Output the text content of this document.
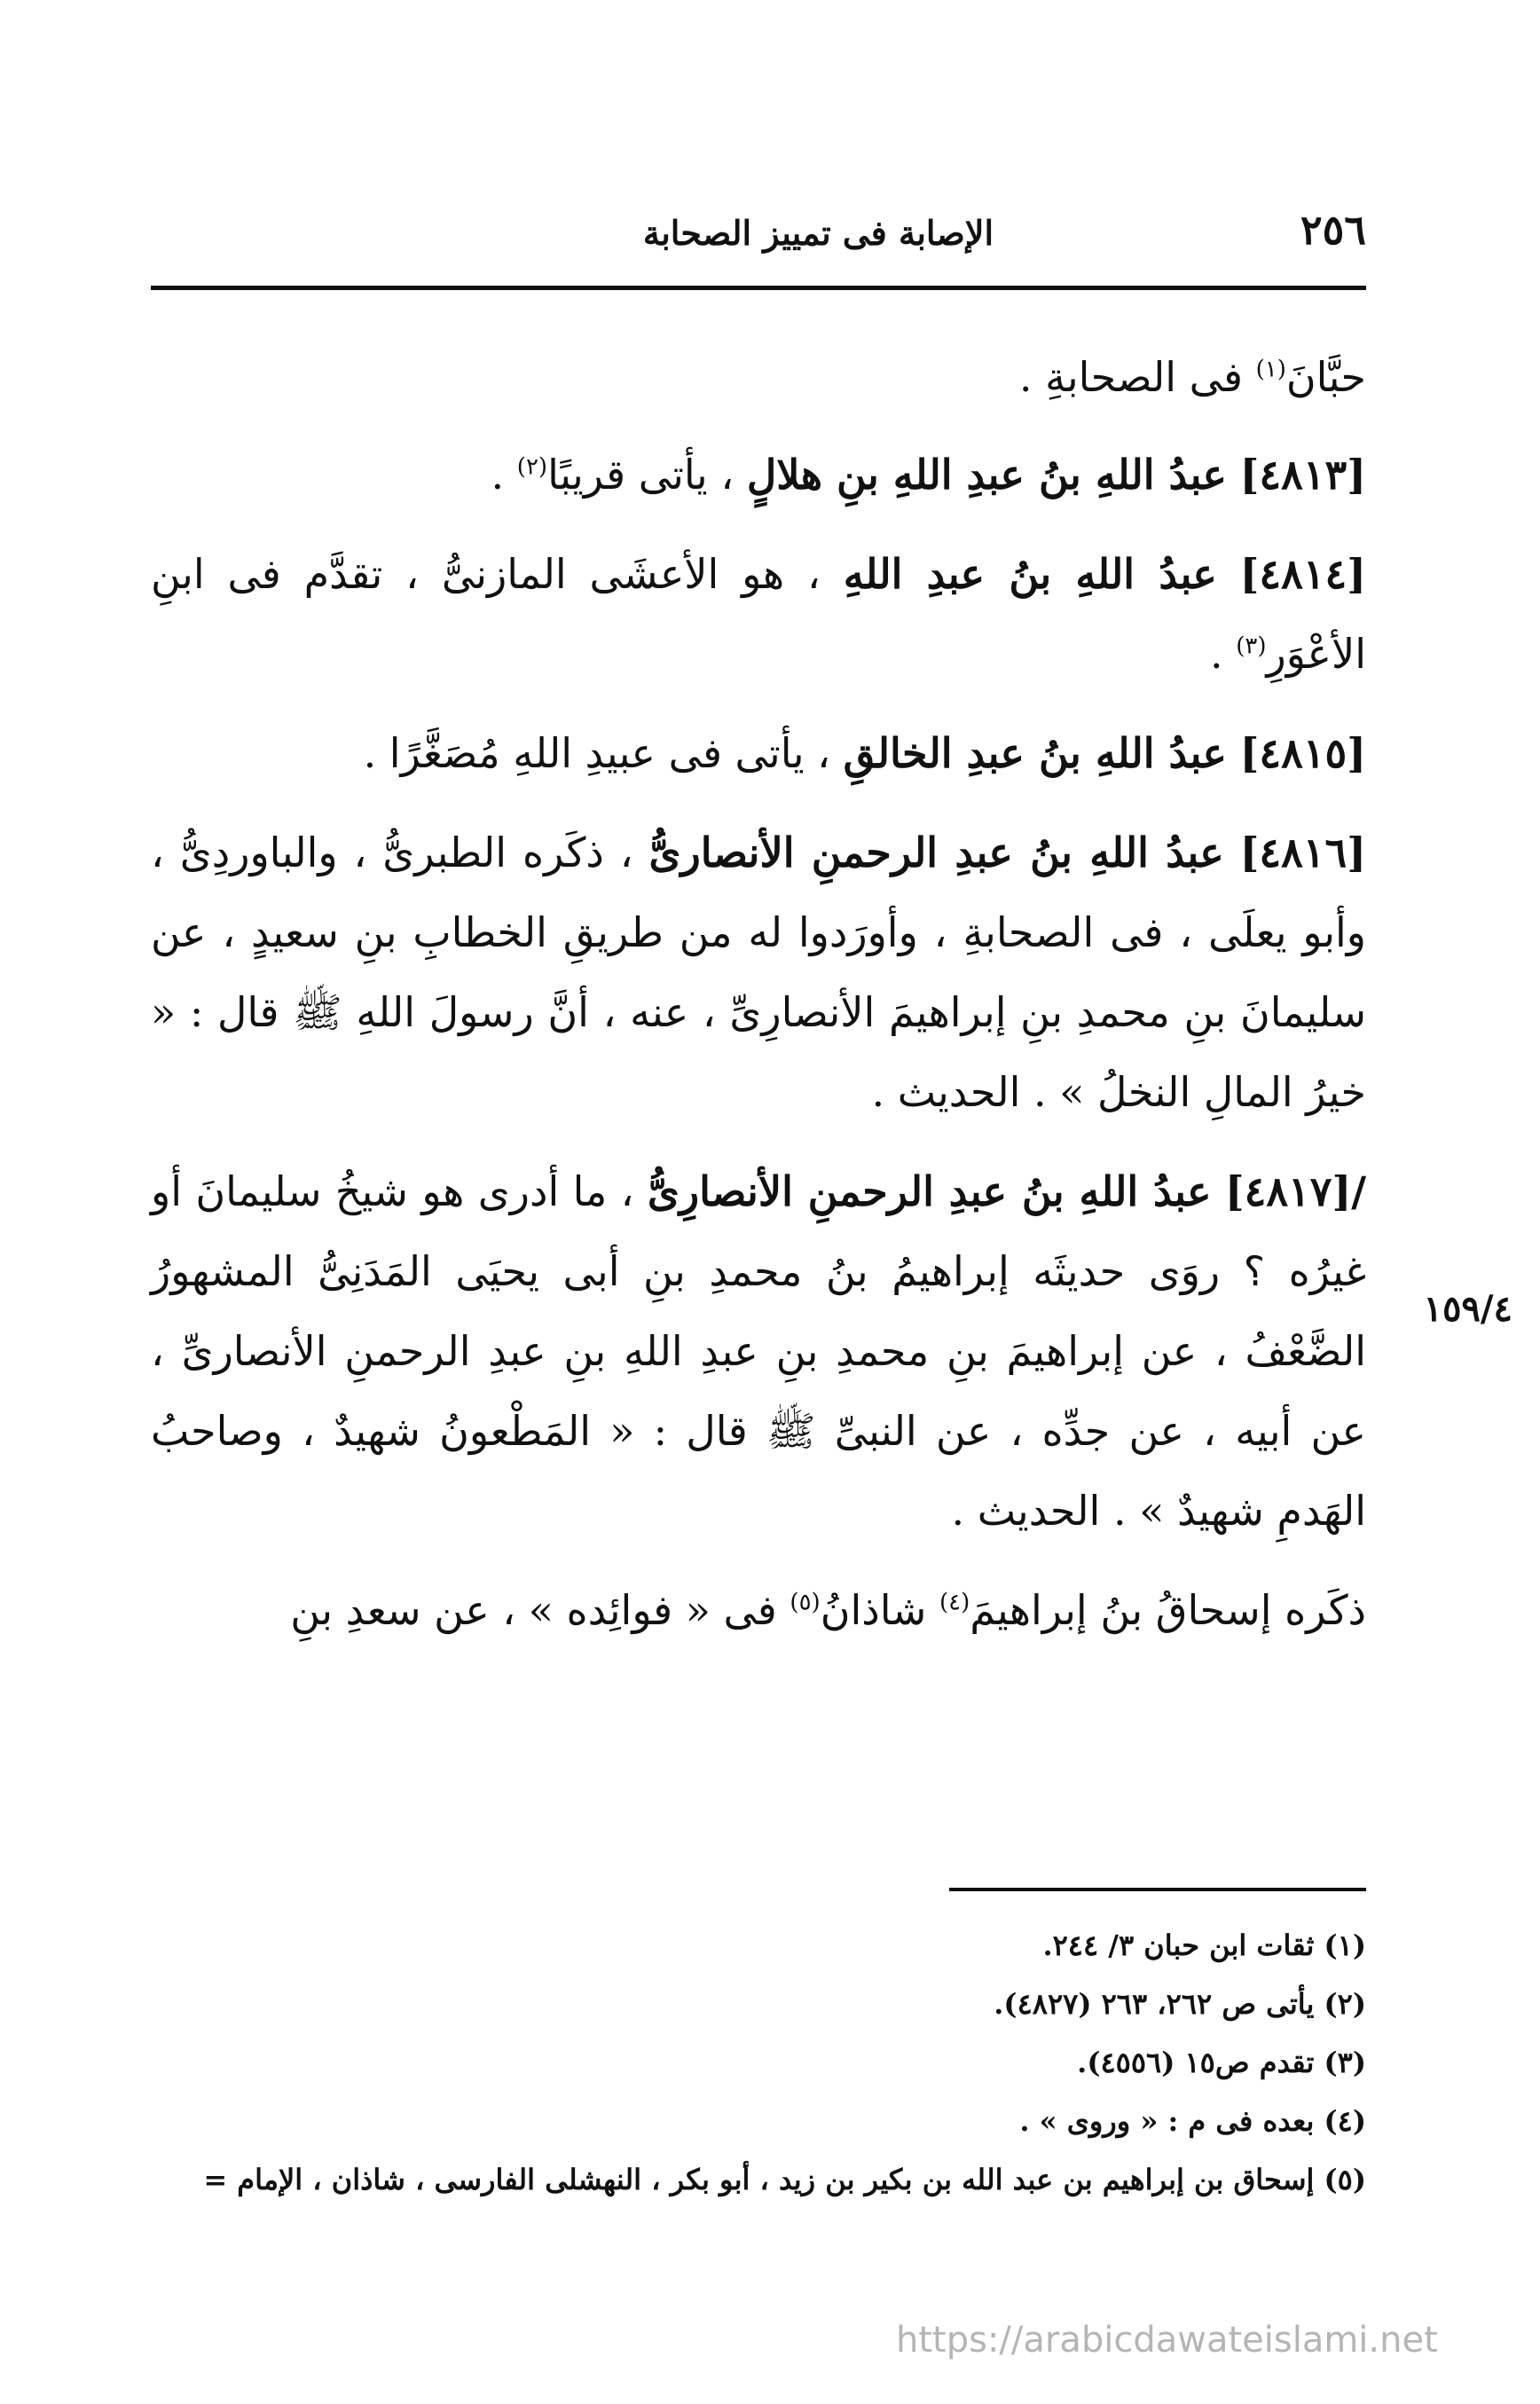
٢٥٦
الإصابة فى تمييز الصحابة

حبَّانَ$^{(١)}$ فى الصحابةِ .

[٤٨١٣] عبدُ اللهِ بنُ عبدِ اللهِ بنِ هلالٍ ، يأتى قريبًا$^{(٢)}$ .

[٤٨١٤] عبدُ اللهِ بنُ عبدِ اللهِ ، هو الأعشَى المازنىُّ ، تقدَّم فى ابنِ الأعْوَرِ$^{(٣)}$ .

[٤٨١٥] عبدُ اللهِ بنُ عبدِ الخالقِ ، يأتى فى عبيدِ اللهِ مُصَغَّرًا .

[٤٨١٦] عبدُ اللهِ بنُ عبدِ الرحمنِ الأنصارىُّ ، ذكَره الطبرىُّ ، والباوردِىُّ ، وأبو يعلَى ، فى الصحابةِ ، وأورَدوا له من طريقِ الخطابِ بنِ سعيدٍ ، عن سليمانَ بنِ محمدِ بنِ إبراهيمَ الأنصارِىِّ ، عنه ، أنَّ رسولَ اللهِ ﷺ قال : « خيرُ المالِ النخلُ » . الحديث .

/[٤٨١٧] عبدُ اللهِ بنُ عبدِ الرحمنِ الأنصارِىُّ ، ما أدرى هو شيخُ سليمانَ أو غيرُه ؟ روَى حديثَه إبراهيمُ بنُ محمدِ بنِ أبى يحيَى المَدَنِىُّ المشهورُ الضَّعْفُ ، عن إبراهيمَ بنِ محمدِ بنِ عبدِ اللهِ بنِ عبدِ الرحمنِ الأنصارىِّ ، عن أبيه ، عن جدِّه ، عن النبىِّ ﷺ قال : « المَطْعونُ شهيدٌ ، وصاحبُ الهَدمِ شهيدٌ » . الحديث .

ذكَره إسحاقُ بنُ إبراهيمَ$^{(٤)}$ شاذانُ$^{(٥)}$ فى « فوائِده » ، عن سعدِ بنِ

١٥٩/٤
(١) ثقات ابن حبان ٣/ ٢٤٤.
(٢) يأتى ص ٢٦٢، ٢٦٣ (٤٨٢٧).
(٣) تقدم ص١٥ (٤٥٥٦).
(٤) بعده فى م : « وروى » .
(٥) إسحاق بن إبراهيم بن عبد الله بن بكير بن زيد ، أبو بكر ، النهشلى الفارسى ، شاذان ، الإمام =
https://arabicdawateislami.net
